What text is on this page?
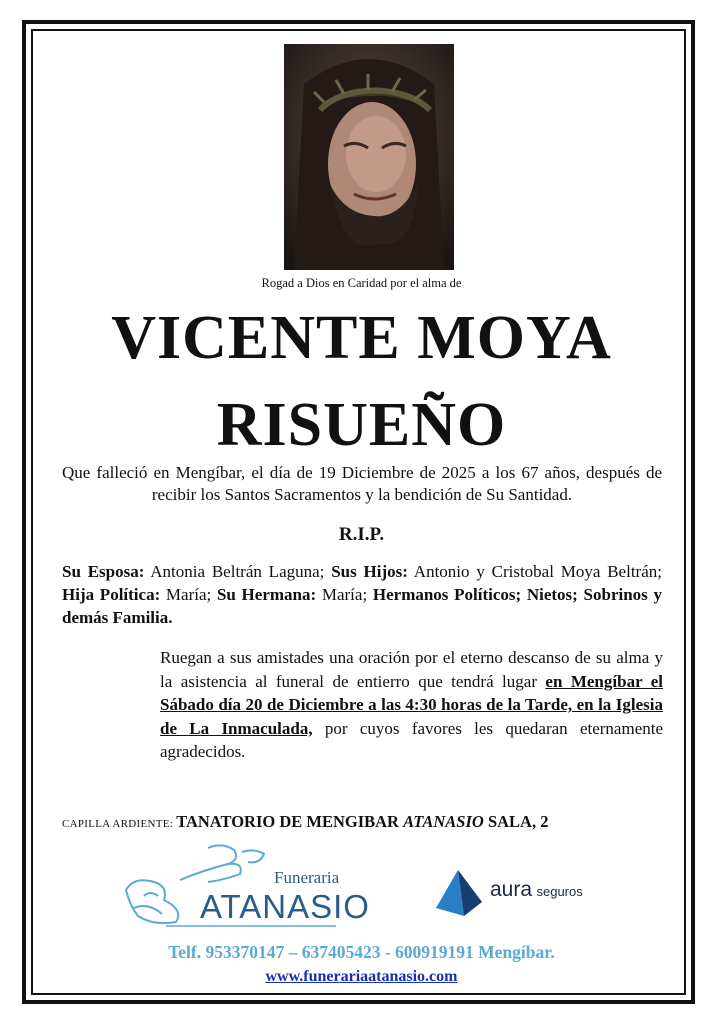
Rogad a Dios en Caridad por el alma de
VICENTE MOYA
RISUEÑO

Que falleció en Mengíbar, el día de 19 Diciembre de 2025 a los 67 años, después de recibir los Santos Sacramentos y la bendición de Su Santidad.

R.I.P.

Su Esposa: Antonia Beltrán Laguna; Sus Hijos: Antonio y Cristobal Moya Beltrán; Hija Política: María; Su Hermana: María; Hermanos Políticos; Nietos; Sobrinos y demás Familia.

Ruegan a sus amistades una oración por el eterno descanso de su alma y la asistencia al funeral de entierro que tendrá lugar en Mengíbar el Sábado día 20 de Diciembre a las 4:30 horas de la Tarde, en la Iglesia de La Inmaculada, por cuyos favores les quedaran eternamente agradecidos.

CAPILLA ARDIENTE: TANATORIO DE MENGIBAR ATANASIO SALA, 2
Funeraria
ATANASIO	aura seguros
Telf. 953370147 – 637405423 - 600919191 Mengíbar.
www.funerariaatanasio.com
